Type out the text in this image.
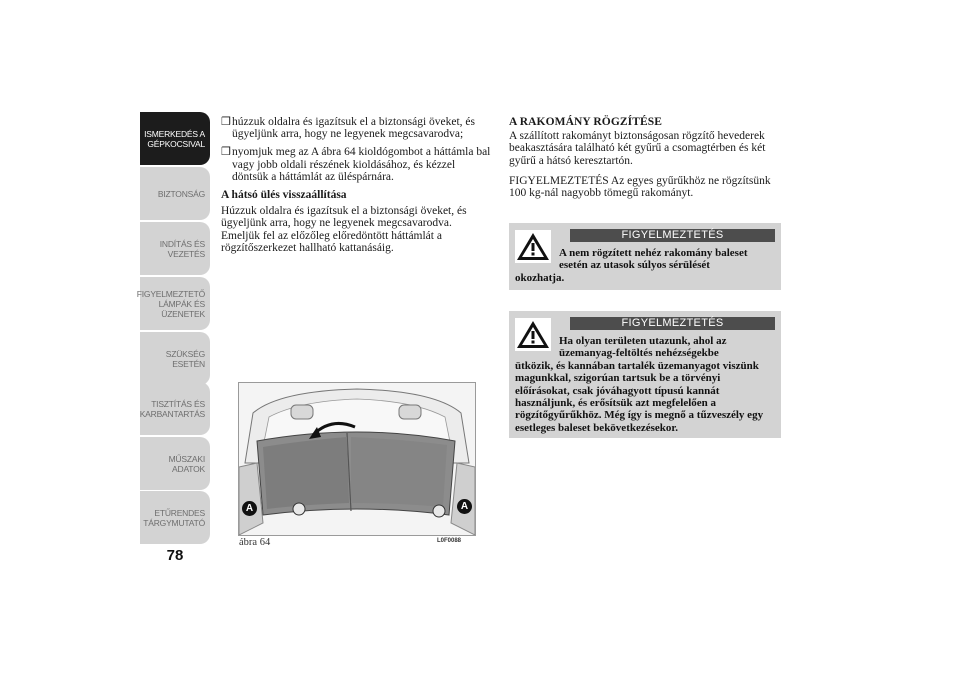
ISMERKEDÉS A GÉPKOCSIVAL
BIZTONSÁG
INDÍTÁS ÉS VEZETÉS
FIGYELMEZTETŐ LÁMPÁK ÉS ÜZENETEK
SZÜKSÉG ESETÉN
TISZTÍTÁS ÉS KARBANTARTÁS
MŰSZAKI ADATOK
ETŰRENDES TÁRGYMUTATÓ
78
❒ húzzuk oldalra és igazítsuk el a biztonsági öveket, és ügyeljünk arra, hogy ne legyenek megcsavarodva;
❒ nyomjuk meg az A ábra 64 kioldógombot a háttámla bal vagy jobb oldali részének kioldásához, és kézzel döntsük a háttámlát az üléspárnára.
A hátsó ülés visszaállítása

Húzzuk oldalra és igazítsuk el a biztonsági öveket, és ügyeljünk arra, hogy ne legyenek megcsavarodva. Emeljük fel az előzőleg előredöntött háttámlát a rögzítőszerkezet hallható kattanásáig.

A	A
ábra 64	L0F0088
A RAKOMÁNY RÖGZÍTÉSE

A szállított rakományt biztonságosan rögzítő hevederek beakasztására található két gyűrű a csomagtérben és két gyűrű a hátsó keresztartón.

FIGYELMEZTETÉS Az egyes gyűrűkhöz ne rögzítsünk 100 kg-nál nagyobb tömegű rakományt.

FIGYELMEZTETÉS
A nem rögzített nehéz rakomány baleset esetén az utasok súlyos sérülését
okozhatja.
FIGYELMEZTETÉS
Ha olyan területen utazunk, ahol az üzemanyag-feltöltés nehézségekbe
ütközik, és kannában tartalék üzemanyagot viszünk magunkkal, szigorúan tartsuk be a törvényi előírásokat, csak jóváhagyott típusú kannát használjunk, és erősítsük azt megfelelően a rögzítőgyűrűkhöz. Még így is megnő a tűzveszély egy esetleges baleset bekövetkezésekor.
